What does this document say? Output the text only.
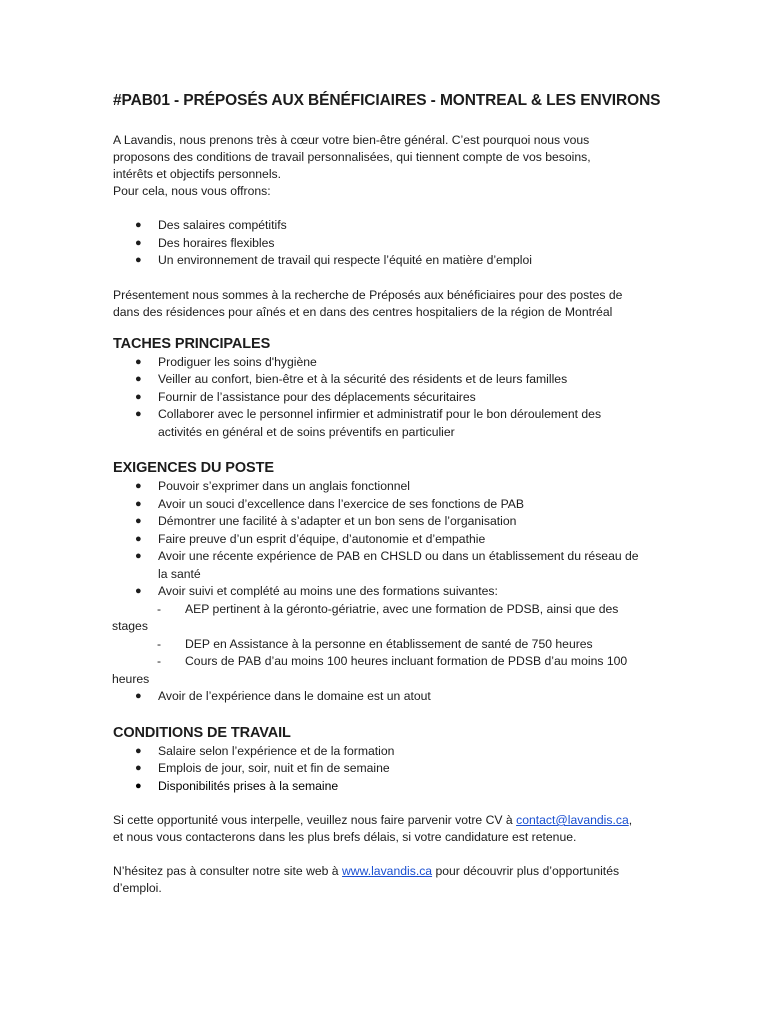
#PAB01 - PRÉPOSÉS AUX BÉNÉFICIAIRES - MONTREAL & LES ENVIRONS
A Lavandis, nous prenons très à cœur votre bien-être général. C’est pourquoi nous vous
proposons des conditions de travail personnalisées, qui tiennent compte de vos besoins,
intérêts et objectifs personnels.
Pour cela, nous vous offrons:
● Des salaires compétitifs
● Des horaires flexibles
● Un environnement de travail qui respecte l’équité en matière d’emploi
Présentement nous sommes à la recherche de Préposés aux bénéficiaires pour des postes de
dans des résidences pour aînés et en dans des centres hospitaliers de la région de Montréal
TACHES PRINCIPALES
● Prodiguer les soins d'hygiène
● Veiller au confort, bien-être et à la sécurité des résidents et de leurs familles
● Fournir de l’assistance pour des déplacements sécuritaires
● Collaborer avec le personnel infirmier et administratif pour le bon déroulement des
activités en général et de soins préventifs en particulier
EXIGENCES DU POSTE
● Pouvoir s’exprimer dans un anglais fonctionnel
● Avoir un souci d’excellence dans l’exercice de ses fonctions de PAB
● Démontrer une facilité à s’adapter et un bon sens de l’organisation
● Faire preuve d’un esprit d’équipe, d’autonomie et d’empathie
● Avoir une récente expérience de PAB en CHSLD ou dans un établissement du réseau de
la santé
● Avoir suivi et complété au moins une des formations suivantes:
- AEP pertinent à la géronto-gériatrie, avec une formation de PDSB, ainsi que des
stages
- DEP en Assistance à la personne en établissement de santé de 750 heures
- Cours de PAB d’au moins 100 heures incluant formation de PDSB d’au moins 100
heures
● Avoir de l’expérience dans le domaine est un atout
CONDITIONS DE TRAVAIL
● Salaire selon l’expérience et de la formation
● Emplois de jour, soir, nuit et fin de semaine
● Disponibilités prises à la semaine
Si cette opportunité vous interpelle, veuillez nous faire parvenir votre CV à contact@lavandis.ca,
et nous vous contacterons dans les plus brefs délais, si votre candidature est retenue.
N’hésitez pas à consulter notre site web à www.lavandis.ca pour découvrir plus d’opportunités
d’emploi.
